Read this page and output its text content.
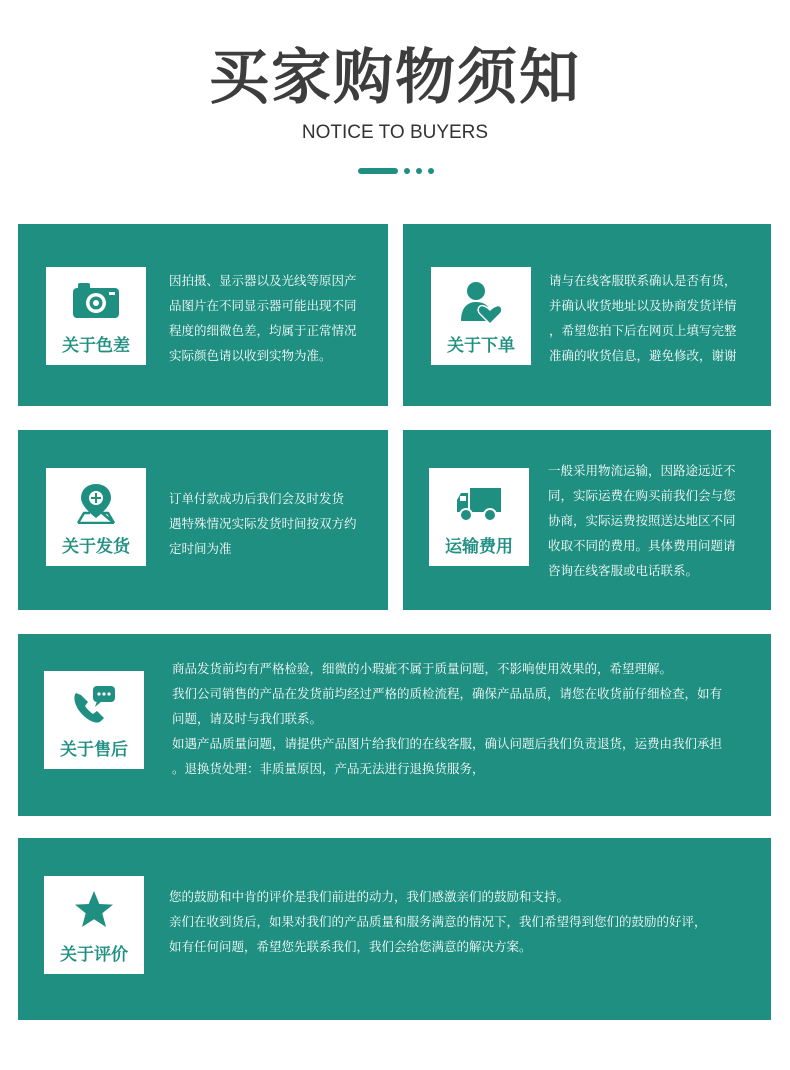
买家购物须知
NOTICE TO BUYERS
关于色差

因拍摄、显示器以及光线等原因产

品图片在不同显示器可能出现不同

程度的细微色差，均属于正常情况

实际颜色请以收到实物为准。	关于下单

请与在线客服联系确认是否有货，

并确认收货地址以及协商发货详情

，希望您拍下后在网页上填写完整

准确的收货信息，避免修改，谢谢

关于发货

订单付款成功后我们会及时发货

遇特殊情况实际发货时间按双方约

定时间为准	运输费用

一般采用物流运输，因路途远近不

同，实际运费在购买前我们会与您

协商，实际运费按照送达地区不同

收取不同的费用。具体费用问题请

咨询在线客服或电话联系。

关于售后

商品发货前均有严格检验，细微的小瑕疵不属于质量问题，不影响使用效果的，希望理解。

我们公司销售的产品在发货前均经过严格的质检流程，确保产品品质，请您在收货前仔细检查，如有

问题，请及时与我们联系。

如遇产品质量问题，请提供产品图片给我们的在线客服，确认问题后我们负责退货，运费由我们承担

。退换货处理：非质量原因，产品无法进行退换货服务，

关于评价

您的鼓励和中肯的评价是我们前进的动力，我们感激亲们的鼓励和支持。

亲们在收到货后，如果对我们的产品质量和服务满意的情况下，我们希望得到您们的鼓励的好评，

如有任何问题，希望您先联系我们，我们会给您满意的解决方案。
